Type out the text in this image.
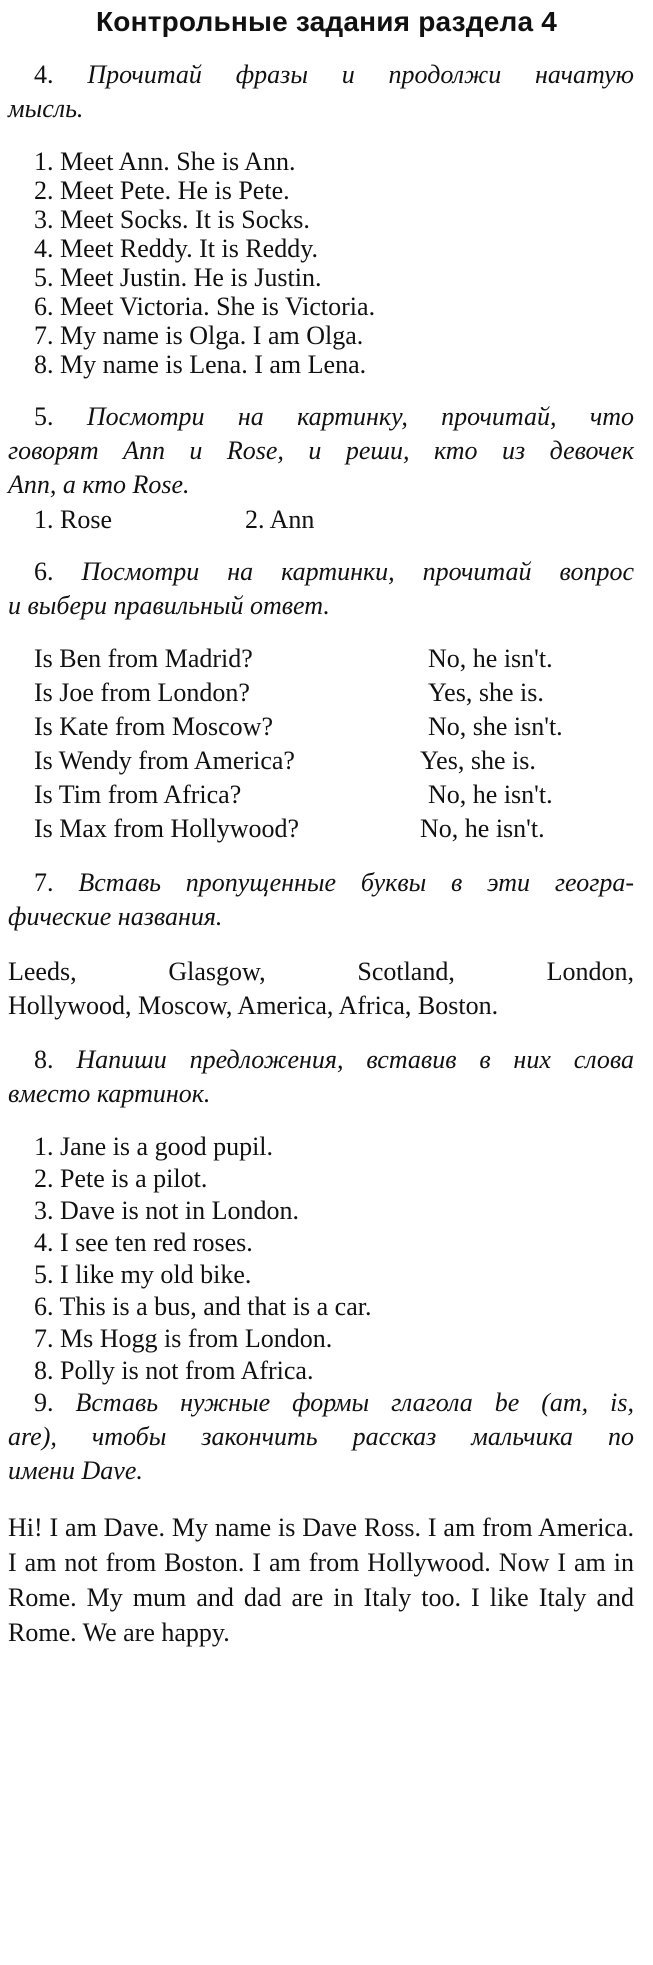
Контрольные задания раздела 4
4. Прочитай фразы и продолжи начатую
мысль.
1. Meet Ann. She is Ann.
2. Meet Pete. He is Pete.
3. Meet Socks. It is Socks.
4. Meet Reddy. It is Reddy.
5. Meet Justin. He is Justin.
6. Meet Victoria. She is Victoria.
7. My name is Olga. I am Olga.
8. My name is Lena. I am Lena.
5. Посмотри на картинку, прочитай, что
говорят Ann и Rose, и реши, кто из девочек
Ann, а кто Rose.
1. Rose	2. Ann
6. Посмотри на картинки, прочитай вопрос
и выбери правильный ответ.
Is Ben from Madrid?	No, he isn't.
Is Joe from London?	Yes, she is.
Is Kate from Moscow?	No, she isn't.
Is Wendy from America?	Yes, she is.
Is Tim from Africa?	No, he isn't.
Is Max from Hollywood?	No, he isn't.
7. Вставь пропущенные буквы в эти геогра-
фические названия.
Leeds, Glasgow, Scotland, London,
Hollywood, Moscow, America, Africa, Boston.
8. Напиши предложения, вставив в них слова
вместо картинок.
1. Jane is a good pupil.
2. Pete is a pilot.
3. Dave is not in London.
4. I see ten red roses.
5. I like my old bike.
6. This is a bus, and that is a car.
7. Ms Hogg is from London.
8. Polly is not from Africa.
9. Вставь нужные формы глагола be (am, is,
are), чтобы закончить рассказ мальчика по
имени Dave.
Hi! I am Dave. My name is Dave Ross. I am from America. I am not from Boston. I am from Hollywood. Now I am in Rome. My mum and dad are in Italy too. I like Italy and Rome. We are happy.
